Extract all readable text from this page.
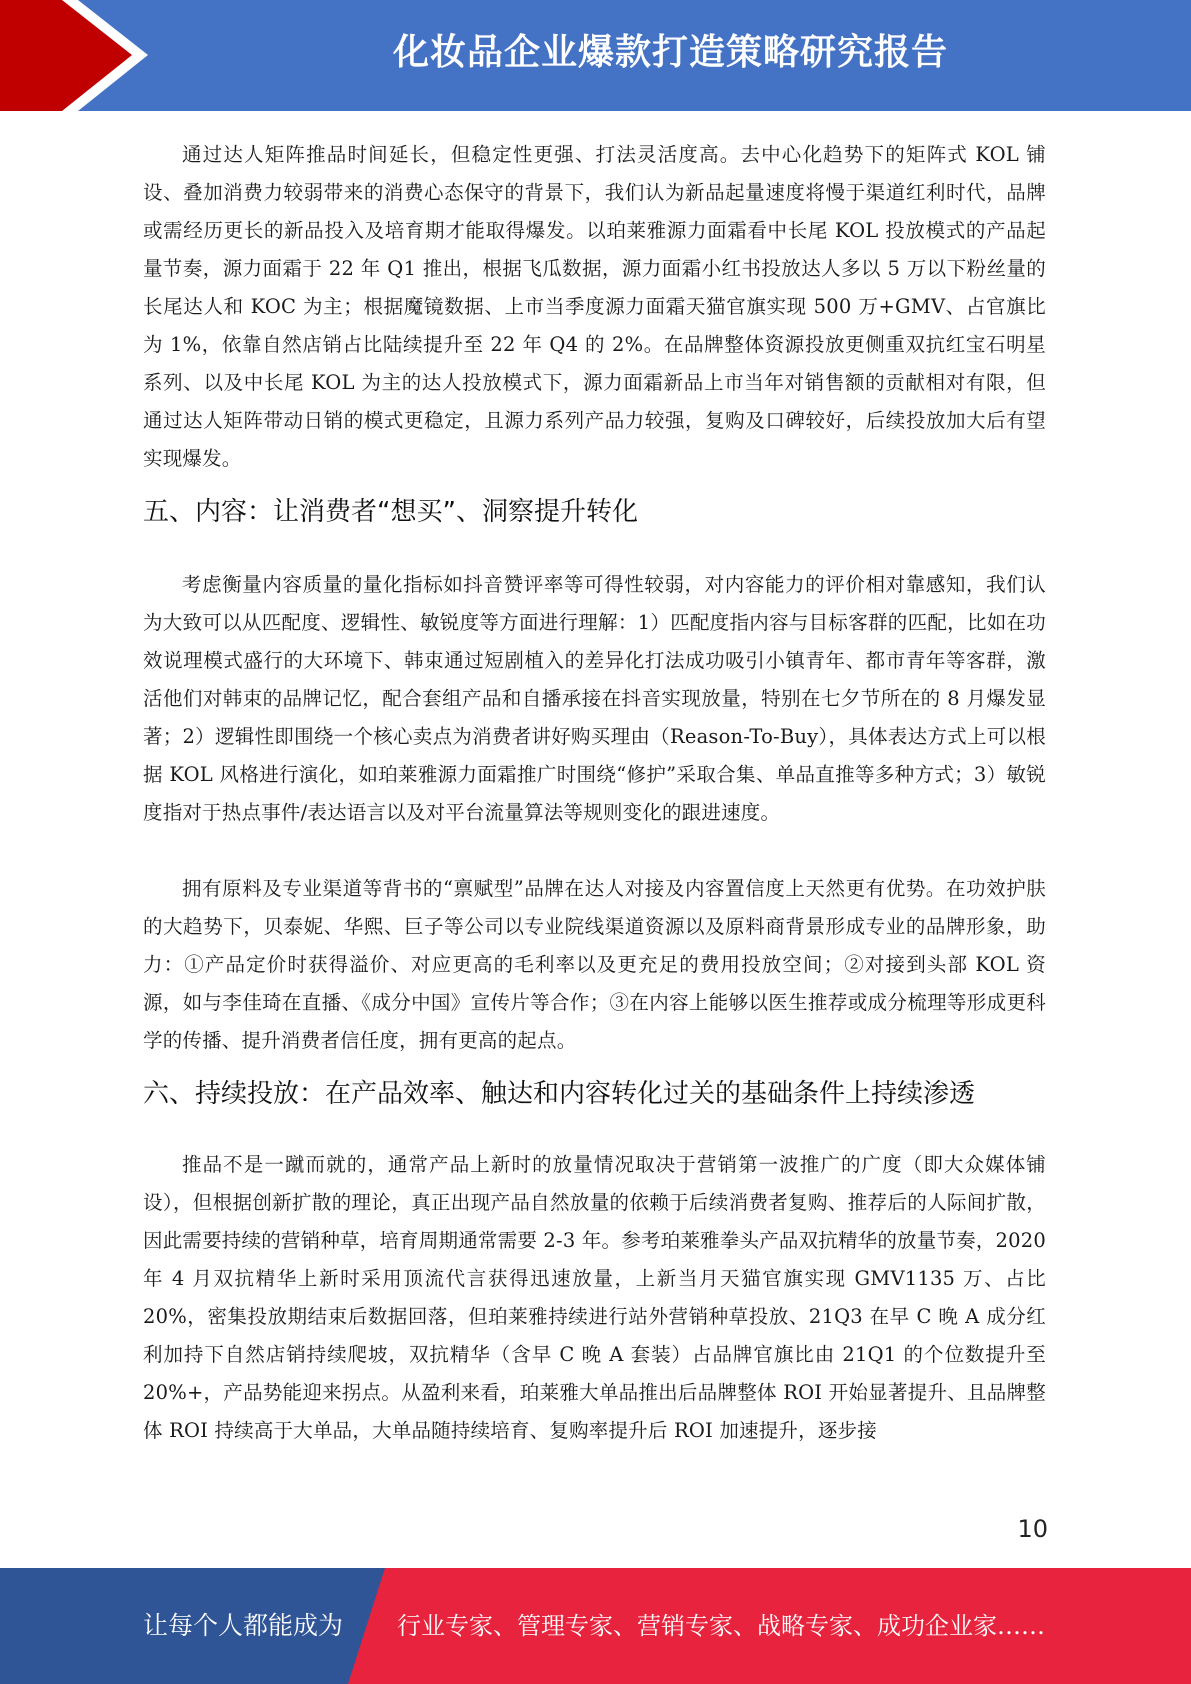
化妆品企业爆款打造策略研究报告

通过达人矩阵推品时间延长，但稳定性更强、打法灵活度高。去中心化趋势下的矩阵式 KOL 铺设、叠加消费力较弱带来的消费心态保守的背景下，我们认为新品起量速度将慢于渠道红利时代，品牌或需经历更长的新品投入及培育期才能取得爆发。以珀莱雅源力面霜看中长尾 KOL 投放模式的产品起量节奏，源力面霜于 22 年 Q1 推出，根据飞瓜数据，源力面霜小红书投放达人多以 5 万以下粉丝量的长尾达人和 KOC 为主；根据魔镜数据、上市当季度源力面霜天猫官旗实现 500 万+GMV、占官旗比为 1%，依靠自然店销占比陆续提升至 22 年 Q4 的 2%。在品牌整体资源投放更侧重双抗红宝石明星系列、以及中长尾 KOL 为主的达人投放模式下，源力面霜新品上市当年对销售额的贡献相对有限，但通过达人矩阵带动日销的模式更稳定，且源力系列产品力较强，复购及口碑较好，后续投放加大后有望实现爆发。

五、内容：让消费者“想买”、洞察提升转化

考虑衡量内容质量的量化指标如抖音赞评率等可得性较弱，对内容能力的评价相对靠感知，我们认为大致可以从匹配度、逻辑性、敏锐度等方面进行理解：1）匹配度指内容与目标客群的匹配，比如在功效说理模式盛行的大环境下、韩束通过短剧植入的差异化打法成功吸引小镇青年、都市青年等客群，激活他们对韩束的品牌记忆，配合套组产品和自播承接在抖音实现放量，特别在七夕节所在的 8 月爆发显著；2）逻辑性即围绕一个核心卖点为消费者讲好购买理由（Reason-To-Buy），具体表达方式上可以根据 KOL 风格进行演化，如珀莱雅源力面霜推广时围绕“修护”采取合集、单品直推等多种方式；3）敏锐度指对于热点事件/表达语言以及对平台流量算法等规则变化的跟进速度。

拥有原料及专业渠道等背书的“禀赋型”品牌在达人对接及内容置信度上天然更有优势。在功效护肤的大趋势下，贝泰妮、华熙、巨子等公司以专业院线渠道资源以及原料商背景形成专业的品牌形象，助力：①产品定价时获得溢价、对应更高的毛利率以及更充足的费用投放空间；②对接到头部 KOL 资源，如与李佳琦在直播、《成分中国》宣传片等合作；③在内容上能够以医生推荐或成分梳理等形成更科学的传播、提升消费者信任度，拥有更高的起点。

六、持续投放：在产品效率、触达和内容转化过关的基础条件上持续渗透

推品不是一蹴而就的，通常产品上新时的放量情况取决于营销第一波推广的广度（即大众媒体铺设），但根据创新扩散的理论，真正出现产品自然放量的依赖于后续消费者复购、推荐后的人际间扩散，因此需要持续的营销种草，培育周期通常需要 2-3 年。参考珀莱雅拳头产品双抗精华的放量节奏，2020 年 4 月双抗精华上新时采用顶流代言获得迅速放量，上新当月天猫官旗实现 GMV1135 万、占比 20%，密集投放期结束后数据回落，但珀莱雅持续进行站外营销种草投放、21Q3 在早 C 晚 A 成分红利加持下自然店销持续爬坡，双抗精华（含早 C 晚 A 套装）占品牌官旗比由 21Q1 的个位数提升至 20%+，产品势能迎来拐点。从盈利来看，珀莱雅大单品推出后品牌整体 ROI 开始显著提升、且品牌整体 ROI 持续高于大单品，大单品随持续培育、复购率提升后 ROI 加速提升，逐步接

10
让每个人都能成为 行业专家、管理专家、营销专家、战略专家、成功企业家……
